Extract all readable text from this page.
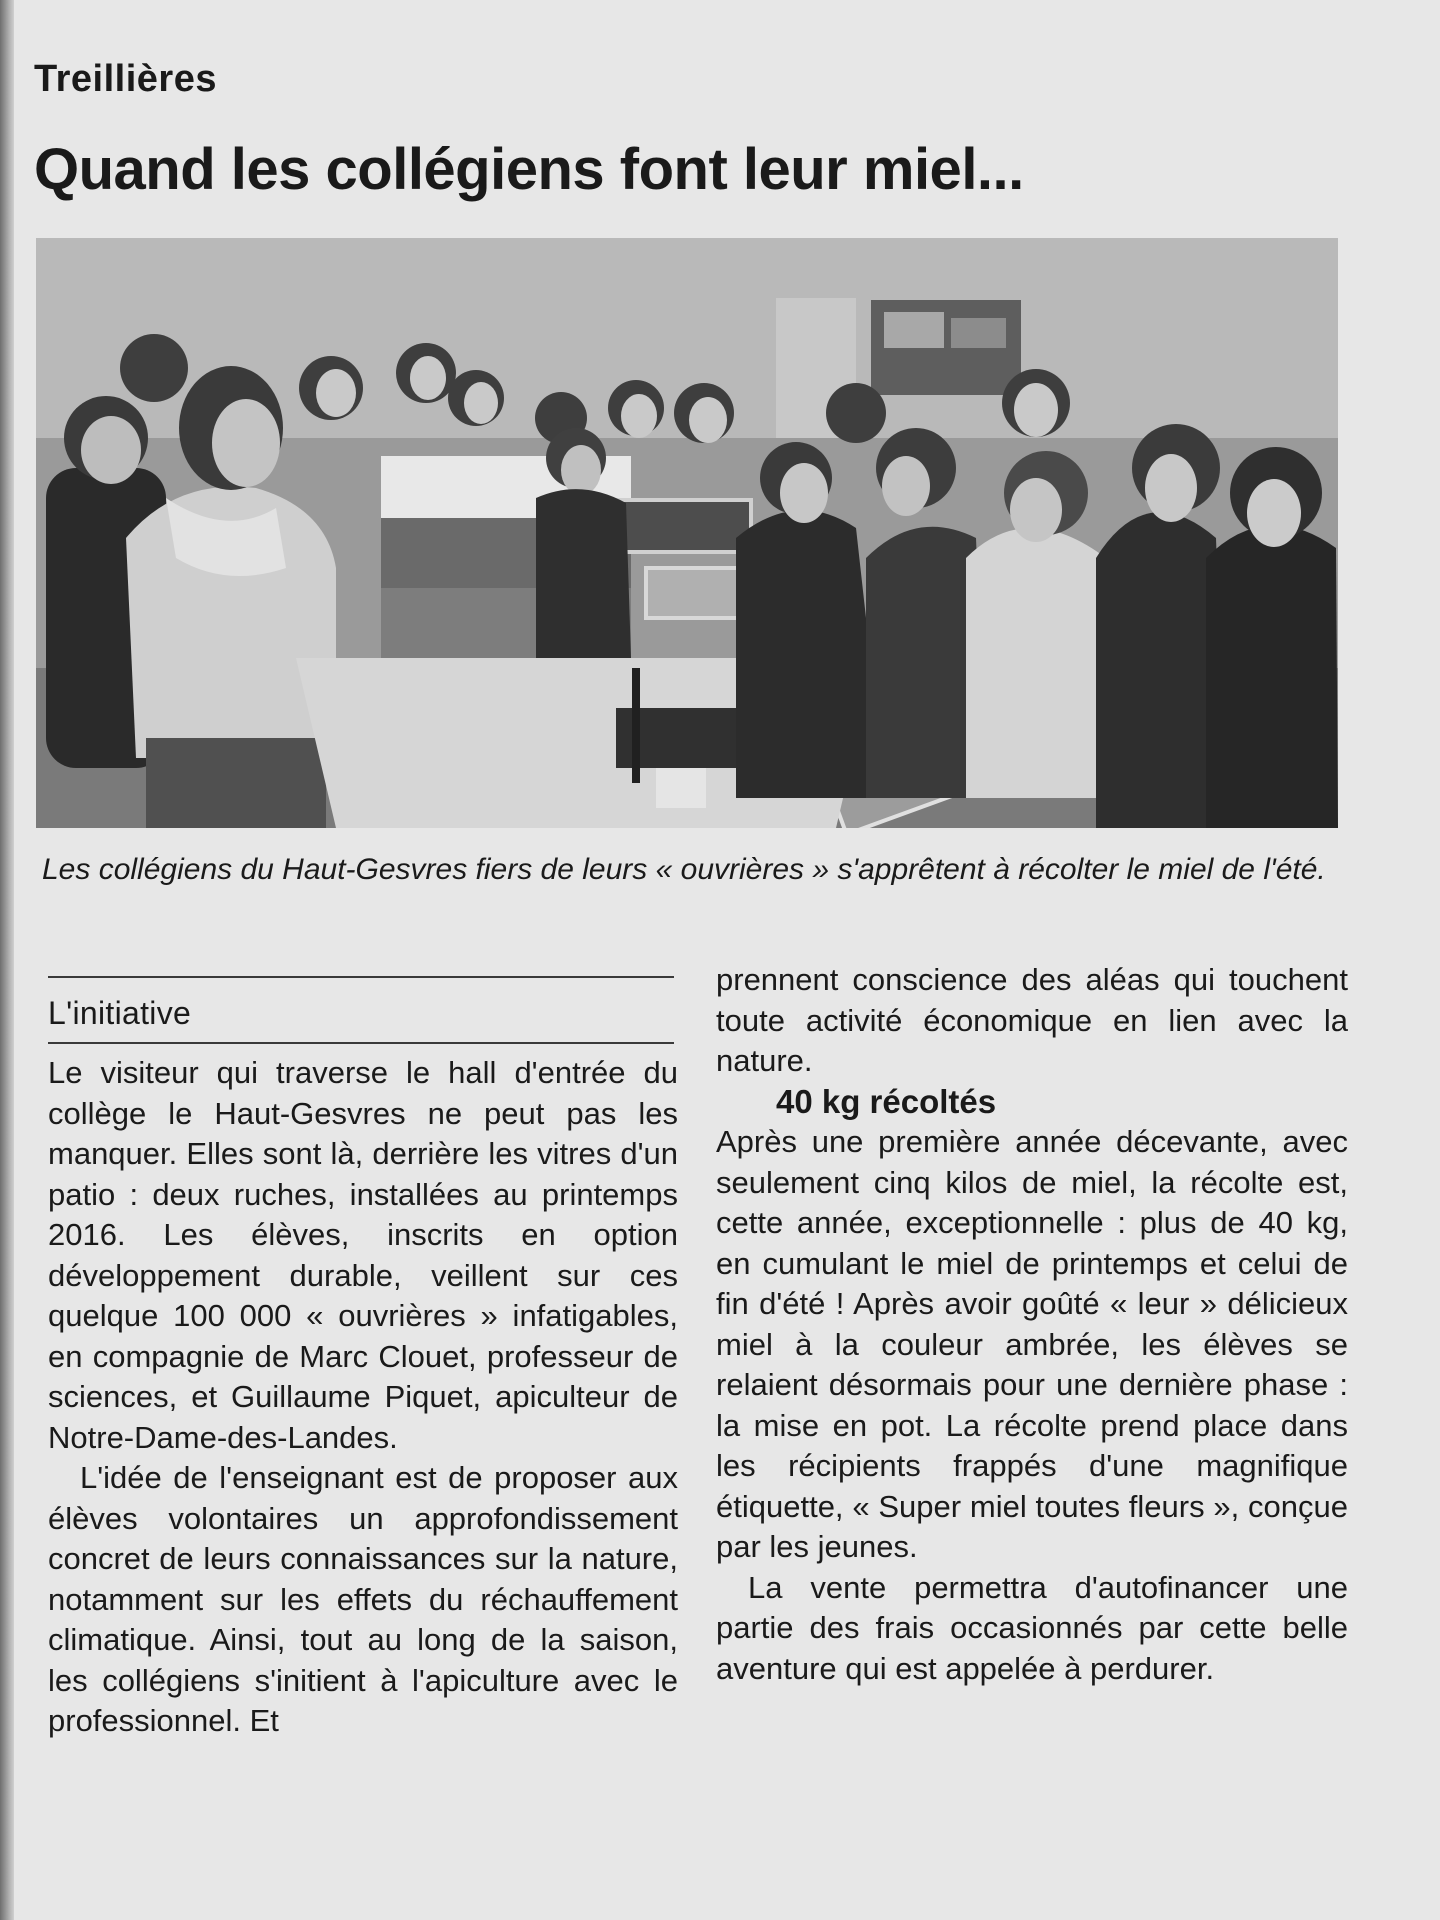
Treillières
Quand les collégiens font leur miel...
Les collégiens du Haut-Gesvres fiers de leurs « ouvrières » s'apprêtent à récolter le miel de l'été.
L'initiative

Le visiteur qui traverse le hall d'entrée du collège le Haut-Gesvres ne peut pas les manquer. Elles sont là, derrière les vitres d'un patio : deux ruches, installées au printemps 2016. Les élèves, inscrits en option développement durable, veillent sur ces quelque 100 000 « ouvrières » infatigables, en compagnie de Marc Clouet, professeur de sciences, et Guillaume Piquet, apiculteur de Notre-Dame-des-Landes.

L'idée de l'enseignant est de proposer aux élèves volontaires un approfondissement concret de leurs connaissances sur la nature, notamment sur les effets du réchauffement climatique. Ainsi, tout au long de la saison, les collégiens s'initient à l'apiculture avec le professionnel. Et

prennent conscience des aléas qui touchent toute activité économique en lien avec la nature.

40 kg récoltés

Après une première année décevante, avec seulement cinq kilos de miel, la récolte est, cette année, exceptionnelle : plus de 40 kg, en cumulant le miel de printemps et celui de fin d'été ! Après avoir goûté « leur » délicieux miel à la couleur ambrée, les élèves se relaient désormais pour une dernière phase : la mise en pot. La récolte prend place dans les récipients frappés d'une magnifique étiquette, « Super miel toutes fleurs », conçue par les jeunes.

La vente permettra d'autofinancer une partie des frais occasionnés par cette belle aventure qui est appelée à perdurer.
